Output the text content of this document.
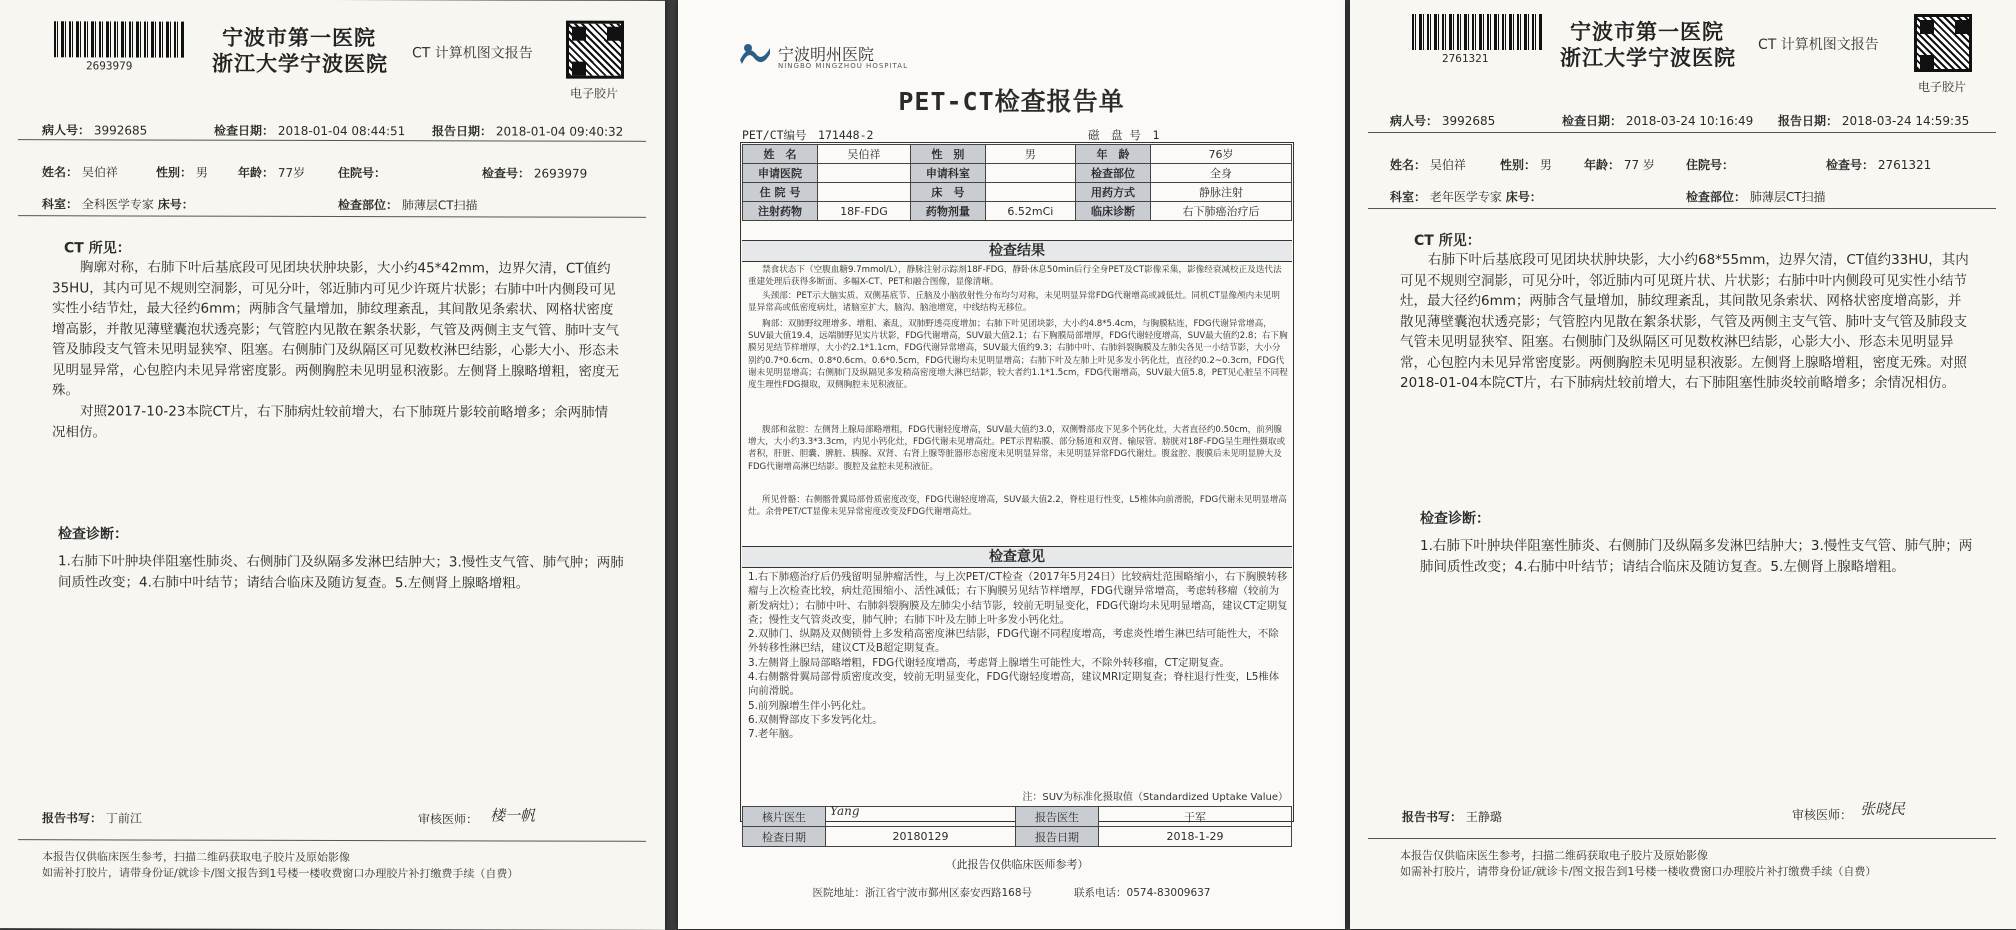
2693979
宁波市第一医院
浙江大学宁波医院 CT 计算机图文报告
电子胶片
病人号： 3992685	检查日期： 2018-01-04 08:44:51 报告日期： 2018-01-04 09:40:32
姓名： 吴伯祥	性别： 男	年龄： 77岁	住院号：	检查号： 2693979
科室： 全科医学专家 床号：	检查部位： 肺薄层CT扫描
CT 所见：

胸廓对称，右肺下叶后基底段可见团块状肿块影，大小约45*42mm，边界欠清，CT值约35HU，其内可见不规则空洞影，可见分叶，邻近肺内可见少许斑片状影；右肺中叶内侧段可见实性小结节灶，最大径约6mm；两肺含气量增加，肺纹理紊乱，其间散见条索状、网格状密度增高影，并散见薄壁囊泡状透亮影；气管腔内见散在絮条状影，气管及两侧主支气管、肺叶支气管及肺段支气管未见明显狭窄、阻塞。右侧肺门及纵隔区可见数枚淋巴结影，心影大小、形态未见明显异常，心包腔内未见异常密度影。两侧胸腔未见明显积液影。左侧肾上腺略增粗，密度无殊。

对照2017-10-23本院CT片，右下肺病灶较前增大，右下肺斑片影较前略增多；余两肺情况相仿。

检查诊断：

1.右肺下叶肿块伴阻塞性肺炎、右侧肺门及纵隔多发淋巴结肿大；3.慢性支气管、肺气肿；两肺间质性改变；4.右肺中叶结节；请结合临床及随访复查。5.左侧肾上腺略增粗。

报告书写： 丁前江	审核医师： 楼一帆
本报告仅供临床医生参考，扫描二维码获取电子胶片及原始影像
如需补打胶片，请带身份证/就诊卡/图文报告到1号楼一楼收费窗口办理胶片补打缴费手续（自费）
宁波明州医院
NINGBO MINGZHOU HOSPITAL
PET-CT检查报告单
PET/CT编号　 171448-2	磁　盘 号　 1
姓　名	吴伯祥	性　别	男	年　龄	76岁
申请医院		申请科室		检查部位	全身
住 院 号		床　号		用药方式	静脉注射
注射药物	18F-FDG	药物剂量	6.52mCi	临床诊断	右下肺癌治疗后
检查结果

禁食状态下（空腹血糖9.7mmol/L），静脉注射示踪剂18F-FDG，静卧休息50min后行全身PET及CT影像采集，影像经衰减校正及迭代法重建处理后获得多断面、多幅X-CT、PET和融合图像，显像清晰。

头颈部：PET示大脑实质、双侧基底节、丘脑及小脑放射性分布均匀对称，未见明显异常FDG代谢增高或减低灶。同机CT显像颅内未见明显异常高或低密度病灶，诸脑室扩大，脑沟、脑池增宽，中线结构无移位。

胸部：双肺野纹理增多、增粗、紊乱，双肺野透亮度增加；右肺下叶见团块影，大小约4.8*5.4cm，与胸膜粘连，FDG代谢异常增高，SUV最大值19.4，远端肺野见实片状影，FDG代谢增高，SUV最大值2.1；右下胸膜局部增厚，FDG代谢轻度增高，SUV最大值约2.8；右下胸膜另见结节样增厚，大小约2.1*1.1cm，FDG代谢异常增高，SUV最大值约9.3；右肺中叶、右肺斜裂胸膜及左肺尖各见一小结节影，大小分别约0.7*0.6cm、0.8*0.6cm、0.6*0.5cm，FDG代谢均未见明显增高；右肺下叶及左肺上叶见多发小钙化灶，直径约0.2~0.3cm，FDG代谢未见明显增高；右侧肺门及纵隔见多发稍高密度增大淋巴结影，较大者约1.1*1.5cm，FDG代谢增高，SUV最大值5.8，PET见心脏呈不同程度生理性FDG摄取，双侧胸腔未见积液征。

腹部和盆腔：左侧肾上腺局部略增粗，FDG代谢轻度增高，SUV最大值约3.0，双侧臀部皮下见多个钙化灶，大者直径约0.50cm，前列腺增大，大小约3.3*3.3cm，内见小钙化灶，FDG代谢未见增高灶。PET示胃粘膜、部分肠道和双肾、输尿管、膀胱对18F-FDG呈生理性摄取或者积，肝脏、胆囊、脾脏、胰腺、双肾、右肾上腺等脏器形态密度未见明显异常，未见明显异常FDG代谢灶。腹盆腔、腹膜后未见明显肿大及FDG代谢增高淋巴结影。腹腔及盆腔未见积液征。

所见骨骼：右侧髂骨翼局部骨质密度改变，FDG代谢轻度增高，SUV最大值2.2，脊柱退行性变，L5椎体向前滑脱，FDG代谢未见明显增高灶。余骨PET/CT显像未见异常密度改变及FDG代谢增高灶。

检查意见
1.右下肺癌治疗后仍残留明显肿瘤活性，与上次PET/CT检查（2017年5月24日）比较病灶范围略缩小，右下胸膜转移瘤与上次检查比较，病灶范围缩小、活性减低；右下胸膜另见结节样增厚，FDG代谢异常增高，考虑转移瘤（较前为新发病灶）；右肺中叶、右肺斜裂胸膜及左肺尖小结节影，较前无明显变化，FDG代谢均未见明显增高，建议CT定期复查；慢性支气管炎改变，肺气肿；右肺下叶及左肺上叶多发小钙化灶。
2.双肺门、纵隔及双侧锁骨上多发稍高密度淋巴结影，FDG代谢不同程度增高，考虑炎性增生淋巴结可能性大，不除外转移性淋巴结，建议CT及B超定期复查。
3.左侧肾上腺局部略增粗，FDG代谢轻度增高，考虑肾上腺增生可能性大，不除外转移瘤，CT定期复查。
4.右侧髂骨翼局部骨质密度改变，较前无明显变化，FDG代谢轻度增高，建议MRI定期复查；脊柱退行性变，L5椎体向前滑脱。
5.前列腺增生伴小钙化灶。
6.双侧臀部皮下多发钙化灶。
7.老年脑。
注：SUV为标准化摄取值（Standardized Uptake Value）
核片医生		报告医生	于军
检查日期	20180129	报告日期	2018-1-29
Yang
（此报告仅供临床医师参考）
医院地址：浙江省宁波市鄞州区泰安西路168号　　　　	联系电话：0574-83009637
2761321
宁波市第一医院
浙江大学宁波医院
CT 计算机图文报告
电子胶片
病人号： 3992685	检查日期： 2018-03-24 10:16:49 报告日期： 2018-03-24 14:59:35
姓名： 吴伯祥	性别： 男	年龄： 77 岁	住院号：	检查号： 2761321
科室： 老年医学专家 床号：	检查部位： 肺薄层CT扫描
CT 所见：

右肺下叶后基底段可见团块状肿块影，大小约68*55mm，边界欠清，CT值约33HU，其内可见不规则空洞影，可见分叶，邻近肺内可见斑片状、片状影；右肺中叶内侧段可见实性小结节灶，最大径约6mm；两肺含气量增加，肺纹理紊乱，其间散见条索状、网格状密度增高影，并散见薄壁囊泡状透亮影；气管腔内见散在絮条状影，气管及两侧主支气管、肺叶支气管及肺段支气管未见明显狭窄、阻塞。右侧肺门及纵隔区可见数枚淋巴结影，心影大小、形态未见明显异常，心包腔内未见异常密度影。两侧胸腔未见明显积液影。左侧肾上腺略增粗，密度无殊。对照2018-01-04本院CT片，右下肺病灶较前增大，右下肺阻塞性肺炎较前略增多；余情况相仿。

检查诊断：

1.右肺下叶肿块伴阻塞性肺炎、右侧肺门及纵隔多发淋巴结肿大；3.慢性支气管、肺气肿；两肺间质性改变；4.右肺中叶结节；请结合临床及随访复查。5.左侧肾上腺略增粗。

报告书写： 王静璐	审核医师： 张晓民
本报告仅供临床医生参考，扫描二维码获取电子胶片及原始影像
如需补打胶片，请带身份证/就诊卡/图文报告到1号楼一楼收费窗口办理胶片补打缴费手续（自费）
